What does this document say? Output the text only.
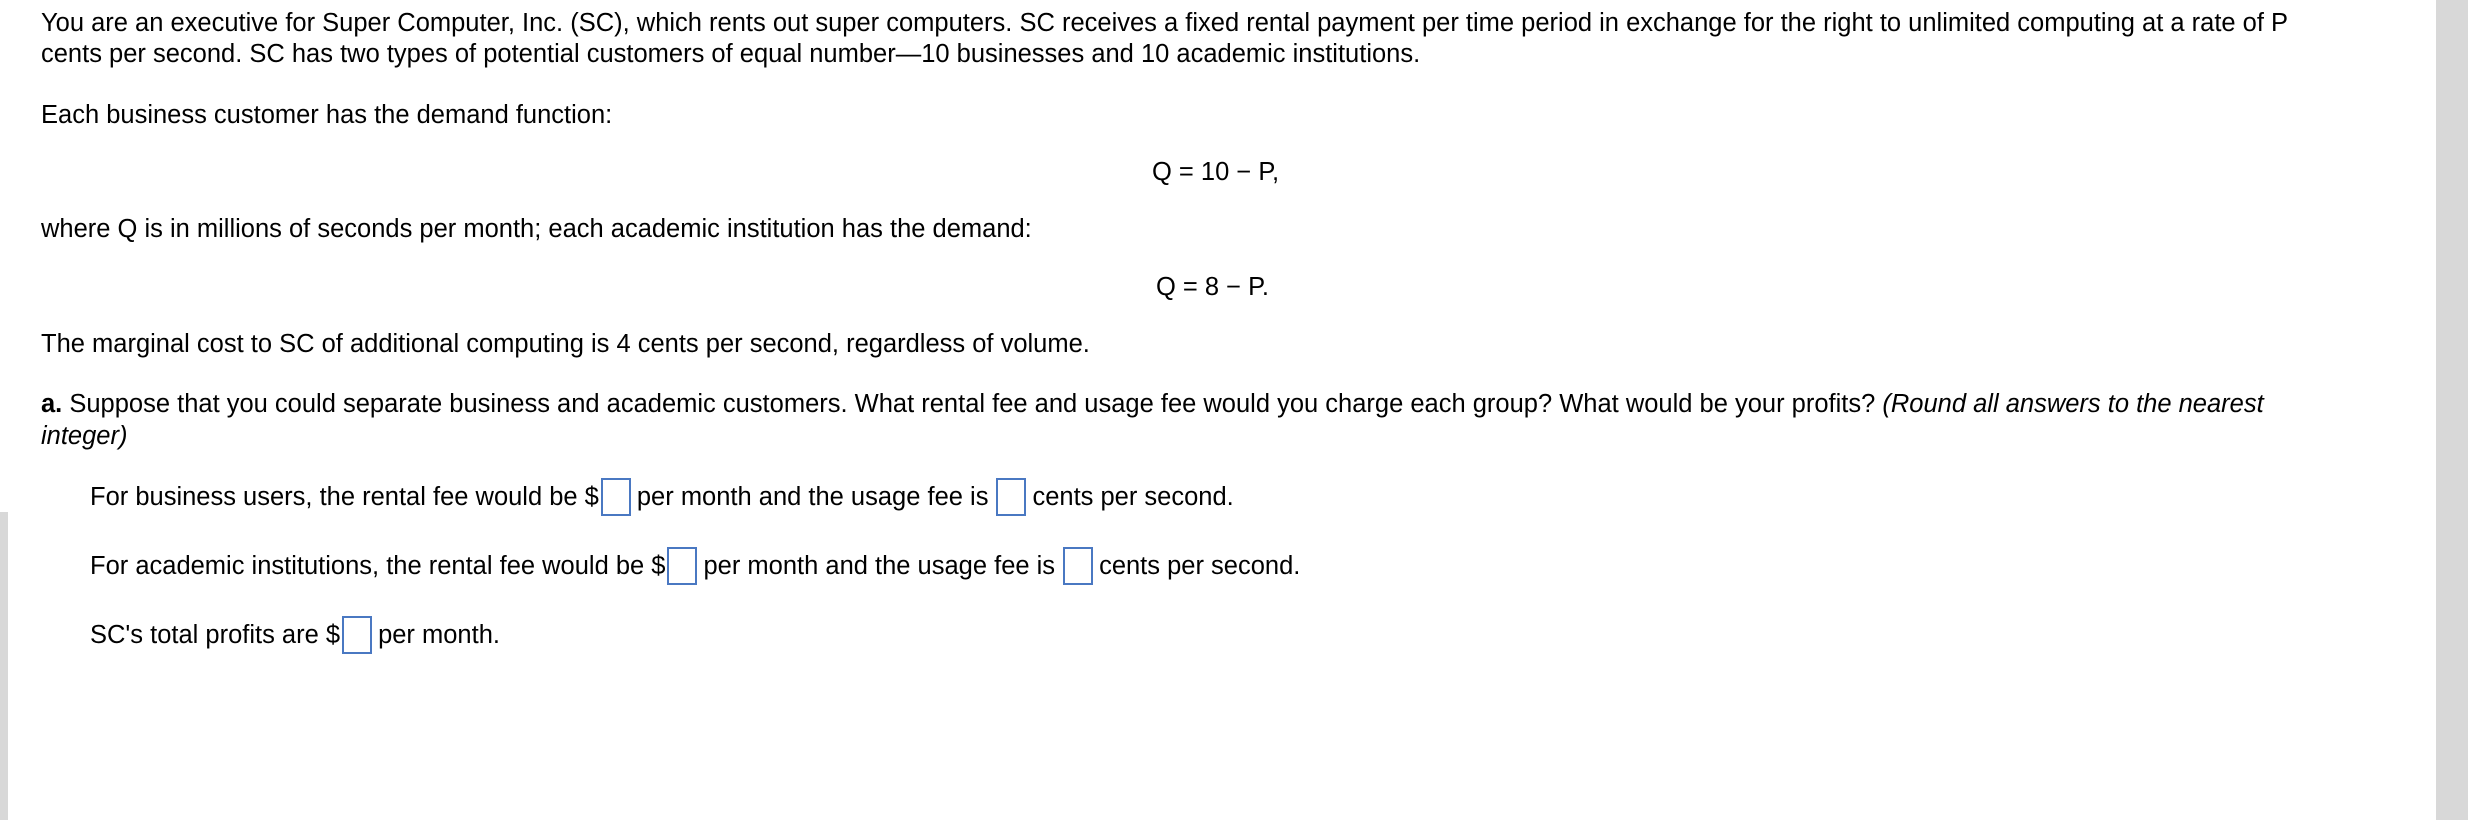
You are an executive for Super Computer, Inc. (SC), which rents out super computers. SC receives a fixed rental payment per time period in exchange for the right to unlimited computing at a rate of P

cents per second. SC has two types of potential customers of equal number—10 businesses and 10 academic institutions.

Each business customer has the demand function:

Q = 10 − P,

where Q is in millions of seconds per month; each academic institution has the demand:

Q = 8 − P.

The marginal cost to SC of additional computing is 4 cents per second, regardless of volume.

a. Suppose that you could separate business and academic customers. What rental fee and usage fee would you charge each group? What would be your profits? (Round all answers to the nearest

integer)

For business users, the rental fee would be $ per month and the usage fee is cents per second.
For academic institutions, the rental fee would be $ per month and the usage fee is cents per second.
SC's total profits are $ per month.
